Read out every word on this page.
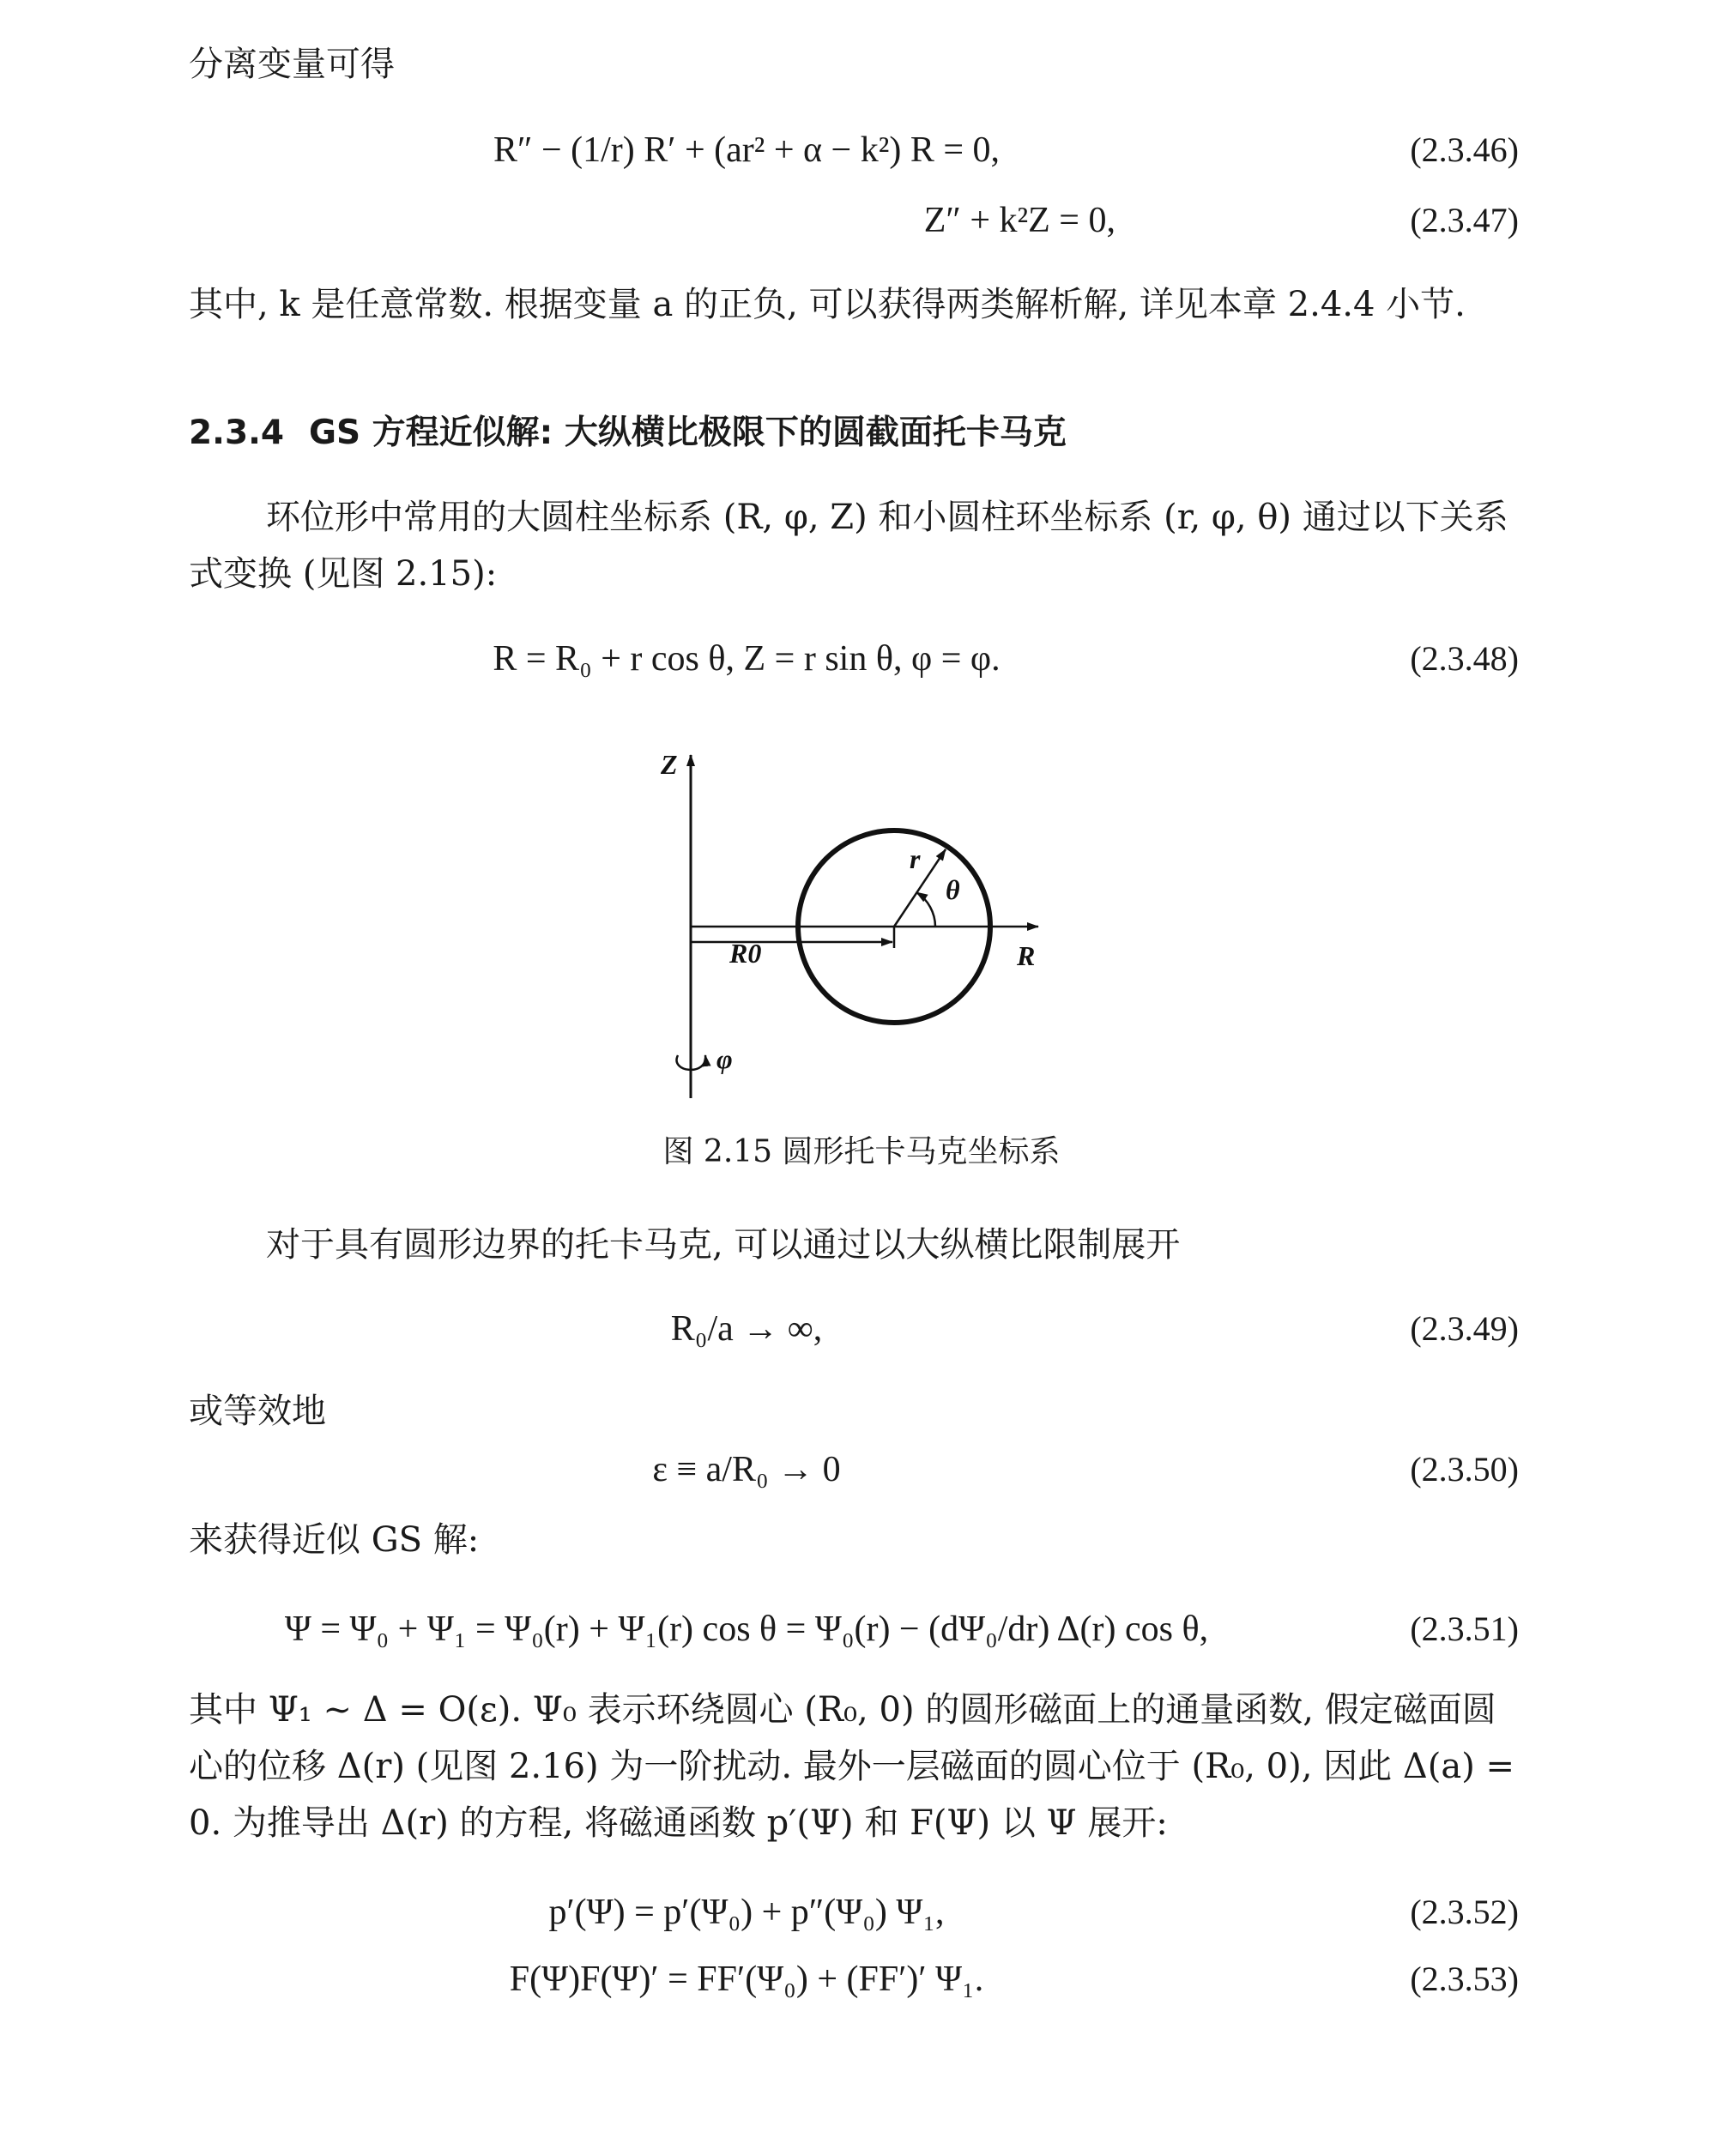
分离变量可得

R″ − (1/r) R′ + (ar² + α − k²) R = 0,	(2.3.46)
Z″ + k²Z = 0,	(2.3.47)

其中, k 是任意常数. 根据变量 a 的正负, 可以获得两类解析解, 详见本章 2.4.4 小节.

2.3.4 GS 方程近似解: 大纵横比极限下的圆截面托卡马克

环位形中常用的大圆柱坐标系 (R, φ, Z) 和小圆柱环坐标系 (r, φ, θ) 通过以下关系式变换 (见图 2.15):

R = R₀ + r cos θ, Z = r sin θ, φ = φ.	(2.3.48)
Z
R
R0
r
θ
φ
图 2.15 圆形托卡马克坐标系

对于具有圆形边界的托卡马克, 可以通过以大纵横比限制展开

R₀/a → ∞,	(2.3.49)

或等效地

ε ≡ a/R₀ → 0	(2.3.50)

来获得近似 GS 解:

Ψ = Ψ₀ + Ψ₁ = Ψ₀(r) + Ψ₁(r) cos θ = Ψ₀(r) − (dΨ₀/dr) Δ(r) cos θ,	(2.3.51)

其中 Ψ₁ ~ Δ = O(ε). Ψ₀ 表示环绕圆心 (R₀, 0) 的圆形磁面上的通量函数, 假定磁面圆心的位移 Δ(r) (见图 2.16) 为一阶扰动. 最外一层磁面的圆心位于 (R₀, 0), 因此 Δ(a) = 0. 为推导出 Δ(r) 的方程, 将磁通函数 p′(Ψ) 和 F(Ψ) 以 Ψ 展开:

p′(Ψ) = p′(Ψ₀) + p″(Ψ₀) Ψ₁,	(2.3.52)
F(Ψ)F(Ψ)′ = FF′(Ψ₀) + (FF′)′ Ψ₁.	(2.3.53)
